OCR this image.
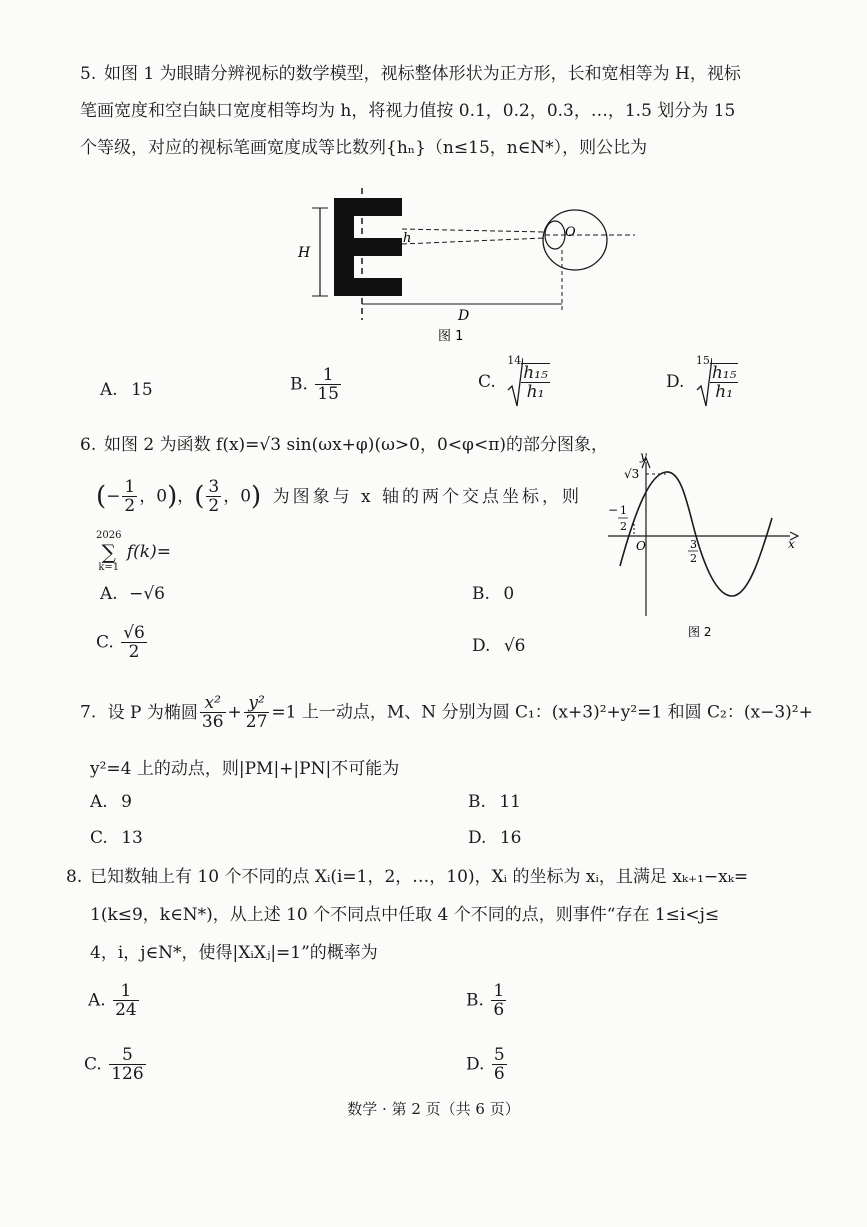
5. 如图 1 为眼睛分辨视标的数学模型，视标整体形状为正方形，长和宽相等为 H，视标
笔画宽度和空白缺口宽度相等均为 h，将视力值按 0.1，0.2，0.3，…，1.5 划分为 15
个等级，对应的视标笔画宽度成等比数列{hₙ}（n≤15，n∈N*），则公比为
H
h	O
D
图 1
A. 15	B. $\frac{1}{15}$	C.
14
$\frac{\text{h₁₅}}{\text{h₁}}$	D.
15
$\frac{\text{h₁₅}}{\text{h₁}}$
6. 如图 2 为函数 f(x)=√3 sin(ωx+φ)(ω>0，0<φ<π)的部分图象，
(− $\frac{1}{2}$ ，0)，( $\frac{3}{2}$ ，0) 为图象与 x 轴的两个交点坐标，则
2026
∑
k=1
f(k)=
y
x
O
√3
− 1
2
3
2
图 2
A. −√6	B. 0
C. $\frac{√6}{2}$	D. √6
7. 设 P 为椭圆 $\frac{\text{x²}}{36} + \frac{\text{y²}}{27} =1$ 上一动点，M、N 分别为圆 C₁：(x+3)²+y²=1 和圆 C₂：(x−3)²+
y²=4 上的动点，则|PM|+|PN|不可能为
A. 9	B. 11
C. 13	D. 16
8. 已知数轴上有 10 个不同的点 Xᵢ(i=1，2，…，10)，Xᵢ 的坐标为 xᵢ，且满足 xₖ₊₁−xₖ=
1(k≤9，k∈N*)，从上述 10 个不同点中任取 4 个不同的点，则事件“存在 1≤i<j≤
4，i，j∈N*，使得|XᵢXⱼ|=1”的概率为
A. $\frac{1}{24}$	B. $\frac{1}{6}$
C. $\frac{5}{126}$	D. $\frac{5}{6}$
数学 · 第 2 页（共 6 页）
